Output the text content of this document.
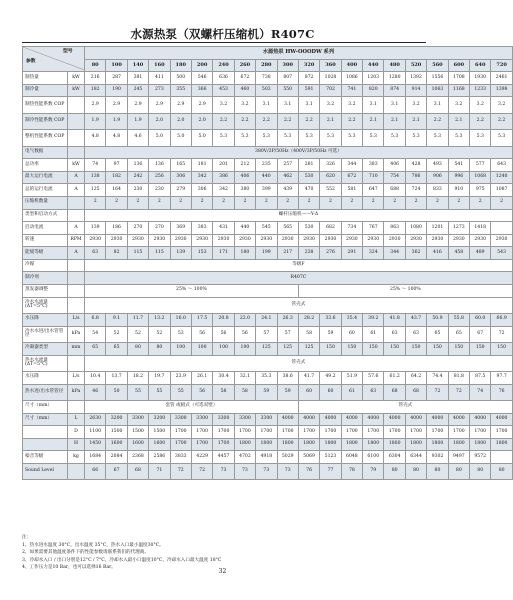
水源热泵（双螺杆压缩机）R407C
参数
型号		水源热泵 HW-OOODW 系列																			
		80	100	140	160	180	200	240	260	280	300	320	360	400	440	480	520	560	600	640	720
制热量	kW	216	287	381	411	500	546	636	672	738	807	872	1028	1086	1203	1280	1392	1556	1708	1930	2461
制冷量	kW	182	190	245	273	355	366	453	460	503	550	591	702	741	820	874	914	1063	1168	1233	1398
制热性能系数 COP		2.9	2.9	2.9	2.9	2.9	2.9	3.2	3.2	3.1	3.1	3.1	3.2	3.2	3.1	3.1	3.2	3.1	3.2	3.2	3.2
制冷性能系数 COP		1.9	1.9	1.9	2.0	2.0	2.0	2.2	2.2	2.2	2.2	2.2	2.1	2.2	2.1	2.1	2.1	2.2	2.1	2.2	2.2
整机性能系数 COP		4.8	4.8	4.6	5.0	5.0	5.0	5.3	5.3	5.3	5.3	5.3	5.3	5.3	5.3	5.3	5.3	5.3	5.3	5.3	5.3
电气数据		380V/3P/50Hz（400V/3P/50Hz 可选）																			
总功率	kW	74	97	136	136	165	181	201	212	235	257	281	326	344	383	406	428	493	541	577	643
最大运行电流	A	138	182	242	256	306	342	386	406	440	462	530	620	672	710	754	786	906	996	1068	1240
总的运行电流	A	125	164	230	230	279	306	342	380	399	439	470	552	581	647	688	724	833	910	975	1087
压缩机数量		2	2	2	2	2	2	2	2	2	2	2	2	2	2	2	2	2	2	2	2
类型和启动方式		螺杆压缩机——Y-Δ																			
启动电流	A	139	186	270	270	369	383	431	440	545	565	530	682	734	767	863	1080	1201	1273	1418	
转速	RPM	2930	2930	2930	2930	2930	2930	2930	2930	2930	2930	2930	2930	2930	2930	2930	2930	2930	2930	2930	2930
能缓等级	A	63	82	115	115	139	153	171	180	199	217	238	276	291	324	344	362	416	458	489	543
冷媒		等级F																			
制冷剂		R407C																			
蒸发器调整		25% ～ 100%										25% ～ 100%									
冷水水流量 (ΔT=5°C)		管壳式																			
水压降	L/s	6.8	9.1	11.7	13.2	16.0	17.5	20.8	22.0	24.1	26.3	28.2	33.6	35.4	39.2	41.8	43.7	50.9	55.8	60.0	66.9
冷水水进/出水管管径	kPa	54	52	52	52	53	56	56	56	57	57	58	59	60	61	63	63	65	65	67	72
冷凝器类型	mm	65	65	80	80	100	100	100	100	125	125	125	150	150	150	150	150	150	150	150	150
热水水流量 (ΔT=5°C)		管壳式																			
水压降	L/s	10.4	13.7	18.2	19.7	23.9	26.1	30.4	32.1	35.3	38.6	41.7	49.2	51.9	57.6	61.2	64.2	74.4	81.8	87.5	97.7
热水进/出水管管径	kPa	46	50	55	55	55	56	58	58	59	59	60	60	61	63	68	68	72	72	74	76
尺寸（mm）		套管 或板式（可选双壁）										管壳式									
尺寸（mm）	L	2630	3200	3300	3200	3300	3300	3300	3300	3300	4000	4000	4000	4000	4000	4000	4000	4000	4000	4000	4000
	D	1100	1500	1500	1500	1700	1700	1700	1700	1700	1700	1700	1700	1700	1700	1700	1700	1700	1700	1700	1700
	H	1450	1600	1600	1600	1700	1700	1700	1800	1800	1800	1800	1800	1800	1800	1800	1800	1800	1800	1800	1800
噪音等级	kg	1684	2084	2368	2586	3833	4229	4457	4702	4918	5029	5069	5123	6048	6100	6304	6344	9302	9497	9572	
Sound Level		66	67	68	71	72	72	73	73	73	73	76	77	78	79	80	80	80	80	80	80
注：
1、热水进水温度 30°C，出水温度 35°C，热水入口最小温度30°C。
2、如果需要其他温度条件下的性能参数请联系我们的代理商。
3、冷却水入口 / 出口分别是12°C / 7°C，冷却水入最小口温度10°C，冷却水入口最大温度 18°C
4、工作压力是10 Bar，也可以选择16 Bar。
32
